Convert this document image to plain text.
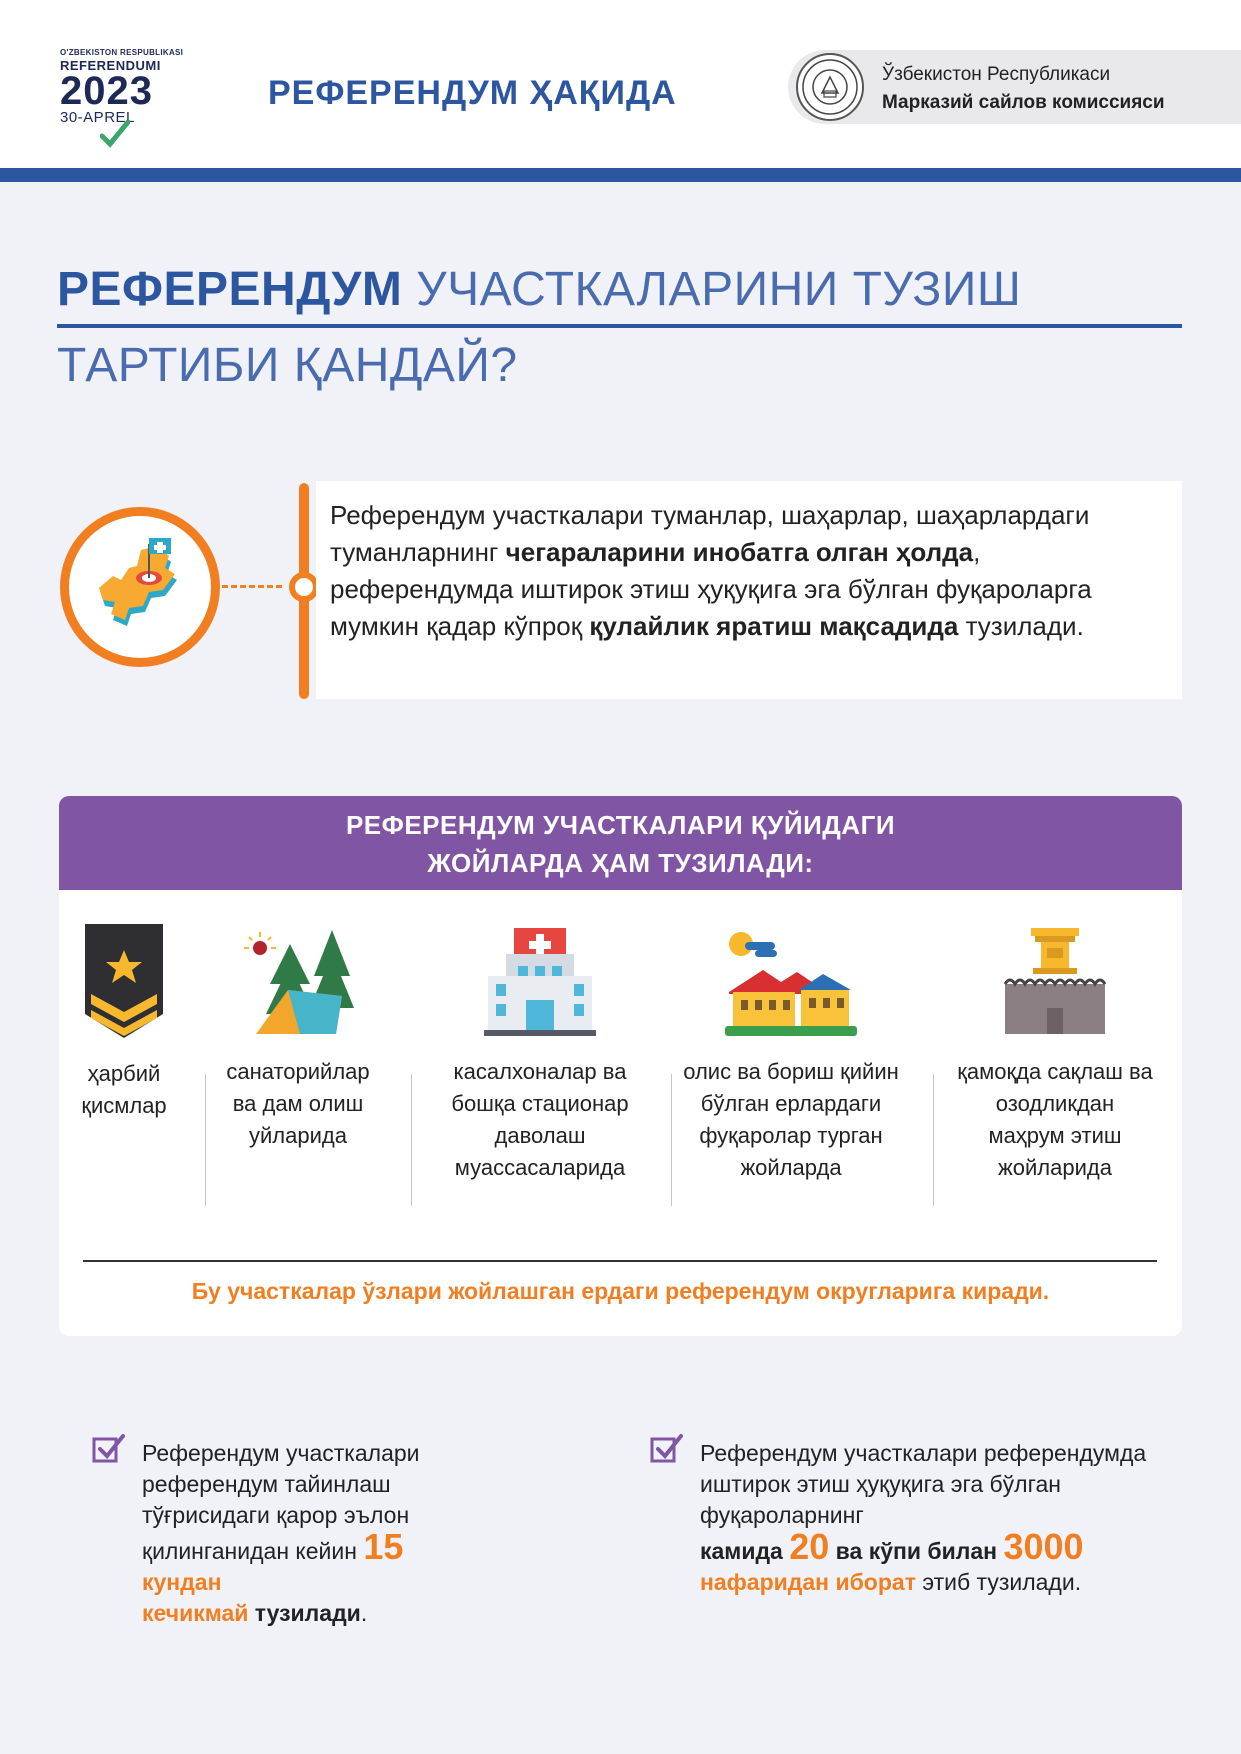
O'ZBEKISTON RESPUBLIKASI
REFERENDUMI
2023
30-APREL
РЕФЕРЕНДУМ ҲАҚИДА	Ўзбекистон Республикаси
Марказий сайлов комиссияси
РЕФЕРЕНДУМ УЧАСТКАЛАРИНИ ТУЗИШ
ТАРТИБИ ҚАНДАЙ?
Референдум участкалари туманлар, шаҳарлар, шаҳарлардаги туманларнинг чегараларини инобатга олган ҳолда, референдумда иштирок этиш ҳуқуқига эга бўлган фуқароларга мумкин қадар кўпроқ қулайлик яратиш мақсадида тузилади.
РЕФЕРЕНДУМ УЧАСТКАЛАРИ ҚУЙИДАГИ
ЖОЙЛАРДА ҲАМ ТУЗИЛАДИ:
ҳарбий қисмлар
санаторийлар ва дам олиш уйларида
касалхоналар ва бошқа стационар даволаш муассасаларида
олис ва бориш қийин бўлган ерлардаги фуқаролар турган жойларда
қамоқда сақлаш ва озодликдан маҳрум этиш жойларида
Бу участкалар ўзлари жойлашган ердаги референдум округларига киради.
Референдум участкалари референдум тайинлаш тўғрисидаги қарор эълон
қилинганидан кейин 15 кундан
кечикмай тузилади.
Референдум участкалари референдумда иштирок этиш ҳуқуқига эга бўлган фуқароларнинг
камида 20 ва кўпи билан 3000
нафаридан иборат этиб тузилади.
